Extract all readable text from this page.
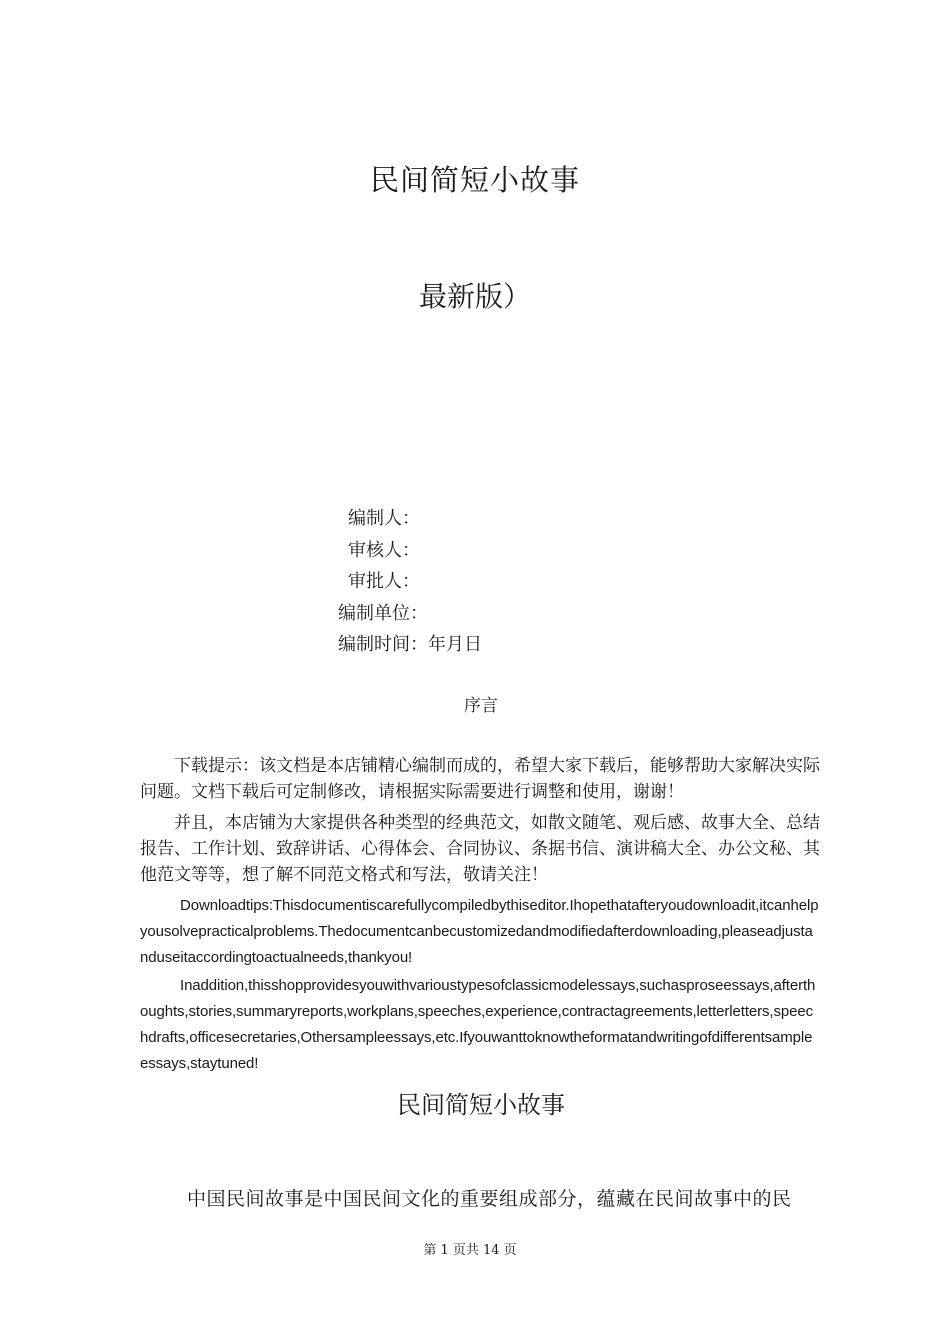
民间简短小故事
最新版）
编制人：
审核人：
审批人：
编制单位：
编制时间：年月日
序言
下载提示：该文档是本店铺精心编制而成的，希望大家下载后，能够帮助大家解决实际问题。文档下载后可定制修改，请根据实际需要进行调整和使用，谢谢！
并且，本店铺为大家提供各种类型的经典范文，如散文随笔、观后感、故事大全、总结报告、工作计划、致辞讲话、心得体会、合同协议、条据书信、演讲稿大全、办公文秘、其他范文等等，想了解不同范文格式和写法，敬请关注！
Downloadtips:Thisdocumentiscarefullycompiledbythiseditor.Ihopethatafteryoudownloadit,itcanhelpyousolvepracticalproblems.Thedocumentcanbecustomizedandmodifiedafterdownloading,pleaseadjustanduseitaccordingtoactualneeds,thankyou!
Inaddition,thisshopprovidesyouwithvarioustypesofclassicmodelessays,suchasproseessays,afterthoughts,stories,summaryreports,workplans,speeches,experience,contractagreements,letterletters,speechdrafts,officesecretaries,Othersampleessays,etc.Ifyouwanttoknowtheformatandwritingofdifferentsampleessays,staytuned!
民间简短小故事
中国民间故事是中国民间文化的重要组成部分，蕴藏在民间故事中的民
第 1 页共 14 页
